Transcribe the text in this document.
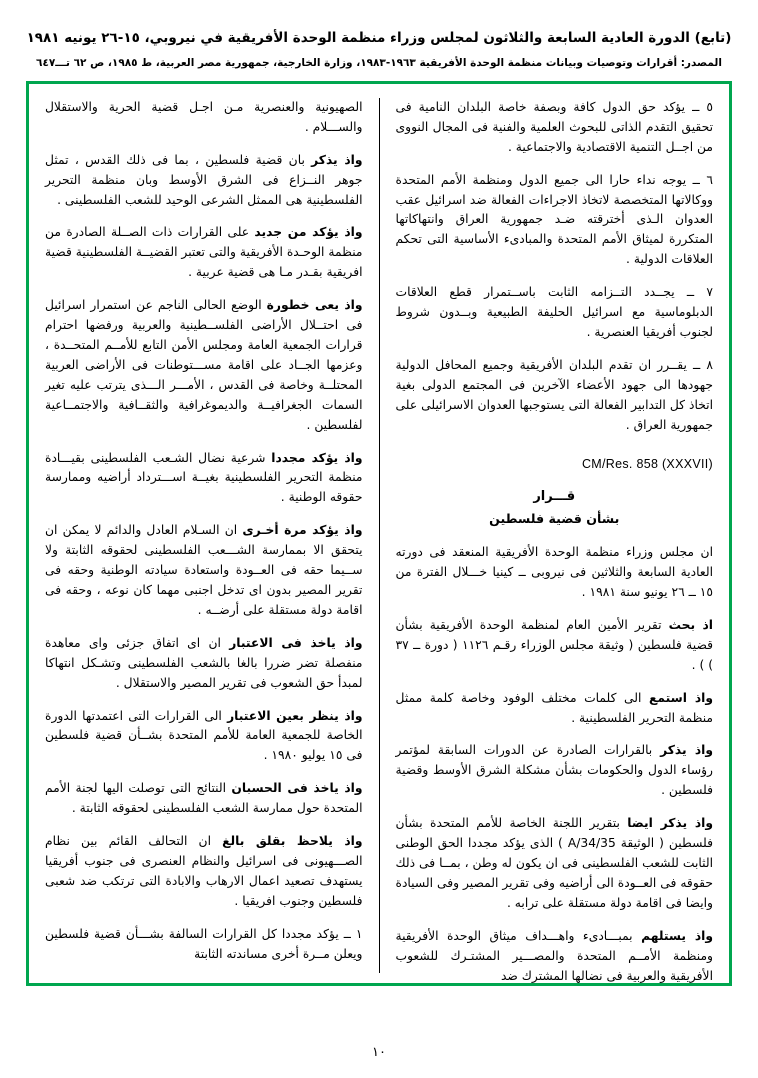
(تابع) الدورة العادية السابعة والثلاثون لمجلس وزراء منظمة الوحدة الأفريقية في نيروبي، ١٥-٢٦ يونيه ١٩٨١
المصدر: أقرارات وتوصيات وبيانات منظمة الوحدة الأفريقية ١٩٦٣-١٩٨٣، وزارة الخارجية، جمهورية مصر العربية، ط ١٩٨٥، ص ٦٢ تـــ٦٤٧

٥ ــ يؤكد حق الدول كافة وبصفة خاصة البلدان النامية فى تحقيق التقدم الذاتى للبحوث العلمية والفنية فى المجال النووى من اجــل التنمية الاقتصادية والاجتماعية .

٦ ــ يوجه نداء حارا الى جميع الدول ومنظمة الأمم المتحدة ووكالاتها المتخصصة لاتخاذ الاجراءات الفعالة ضد اسرائيل عقب العدوان الـذى أخترقته ضـد جمهورية العراق وانتهاكاتها المتكررة لميثاق الأمم المتحدة والمبادىء الأساسية التى تحكم العلاقات الدولية .

٧ ــ يجــدد التــزامه الثابت باســتمرار قطع العلاقات الدبلوماسية مع اسرائيل الحليفة الطبيعية وبــدون شروط لجنوب أفريقيا العنصرية .

٨ ــ يقــرر ان تقدم البلدان الأفريقية وجميع المحافل الدولية جهودها الى جهود الأعضاء الآخرين فى المجتمع الدولى بغية اتخاذ كل التدابير الفعالة التى يستوجبها العدوان الاسرائيلى على جمهورية العراق .

CM/Res. 858 (XXXVII)
قـــرار
بشأن قضية فلسطين

ان مجلس وزراء منظمة الوحدة الأفريقية المنعقد فى دورته العادية السابعة والثلاثين فى نيروبى ــ كينيا خـــلال الفترة من ١٥ ــ ٢٦ يونيو سنة ١٩٨١ .

اذ بحث تقرير الأمين العام لمنظمة الوحدة الأفريقية بشأن قضية فلسطين ( وثيقة مجلس الوزراء رقـم ١١٢٦ ( دورة ــ ٣٧ ) ) .

واذ استمع الى كلمات مختلف الوفود وخاصة كلمة ممثل منظمة التحرير الفلسطينية .

واذ يذكر بالقرارات الصادرة عن الدورات السابقة لمؤتمر رؤساء الدول والحكومات بشأن مشكلة الشرق الأوسط وقضية فلسطين .

واذ يذكر ايضا بتقرير اللجنة الخاصة للأمم المتحدة بشأن فلسطين ( الوثيقة A/34/35 ) الذى يؤكد مجددا الحق الوطنى الثابت للشعب الفلسطينى فى ان يكون له وطن ، بمــا فى ذلك حقوقه فى العــودة الى أراضيه وفى تقرير المصير وفى السيادة وايضا فى اقامة دولة مستقلة على ترابه .

واذ يستلهم بمبـــادىء واهـــداف ميثاق الوحدة الأفريقية ومنظمة الأمــم المتحدة والمصـــير المشتـرك للشعوب الأفريقية والعربية فى نضالها المشترك ضد

الصهيونية والعنصرية مـن اجـل قضية الحرية والاستقلال والســـلام .

واذ يذكر بان قضية فلسطين ، بما فى ذلك القدس ، تمثل جوهر النــزاع فى الشرق الأوسط وبان منظمة التحرير الفلسطينية هى الممثل الشرعى الوحيد للشعب الفلسطينى .

واذ يؤكد من جديد على القرارات ذات الصــلة الصادرة من منظمة الوحـدة الأفريقية والتى تعتبر القضيــة الفلسطينية قضية افريقية بقـدر مـا هى قضية عربية .

واذ يعى خطورة الوضع الحالى الناجم عن استمرار اسرائيل فى احتــلال الأراضى الفلســطينية والعربية ورفضها احترام قرارات الجمعية العامة ومجلس الأمن التابع للأمــم المتحــدة ، وعزمها الجــاد على اقامة مســـتوطنات فى الأراضى العربية المحتلــة وخاصة فى القدس ، الأمـــر الـــذى يترتب عليه تغير السمات الجغرافيــة والديموغرافية والثقــافية والاجتمــاعية لفلسطين .

واذ يؤكد مجددا شرعية نضال الشـعب الفلسطينى بقيـــادة منظمة التحرير الفلسطينية بغيــة اســـترداد أراضيه وممارسة حقوقه الوطنية .

واذ يؤكد مرة أخـرى ان السـلام العادل والدائم لا يمكن ان يتحقق الا بممارسة الشـــعب الفلسطينى لحقوقه الثابتة ولا ســيما حقه فى العــودة واستعادة سيادته الوطنية وحقه فى تقرير المصير بدون اى تدخل اجنبى مهما كان نوعه ، وحقه فى اقامة دولة مستقلة على أرضــه .

واذ ياخذ فى الاعتبار ان اى اتفاق جزئى واى معاهدة منفصلة تضر ضررا بالغا بالشعب الفلسطينى وتشـكل انتهاكا لمبدأ حق الشعوب فى تقرير المصير والاستقلال .

واذ ينظر بعين الاعتبار الى القرارات التى اعتمدتها الدورة الخاصة للجمعية العامة للأمم المتحدة بشــأن قضية فلسطين فى ١٥ يوليو ١٩٨٠ .

واذ ياخذ فى الحسبان النتائج التى توصلت اليها لجنة الأمم المتحدة حول ممارسة الشعب الفلسطينى لحقوقه الثابتة .

واذ يلاحظ بقلق بالغ ان التحالف القائم بين نظام الصـــهيونى فى اسرائيل والنظام العنصرى فى جنوب أفريقيا يستهدف تصعيد اعمال الارهاب والابادة التى ترتكب ضد شعبى فلسطين وجنوب افريقيا .

١ ــ يؤكد مجددا كل القرارات السالفة بشـــأن قضية فلسطين ويعلن مــرة أخرى مساندته الثابتة

١٠
